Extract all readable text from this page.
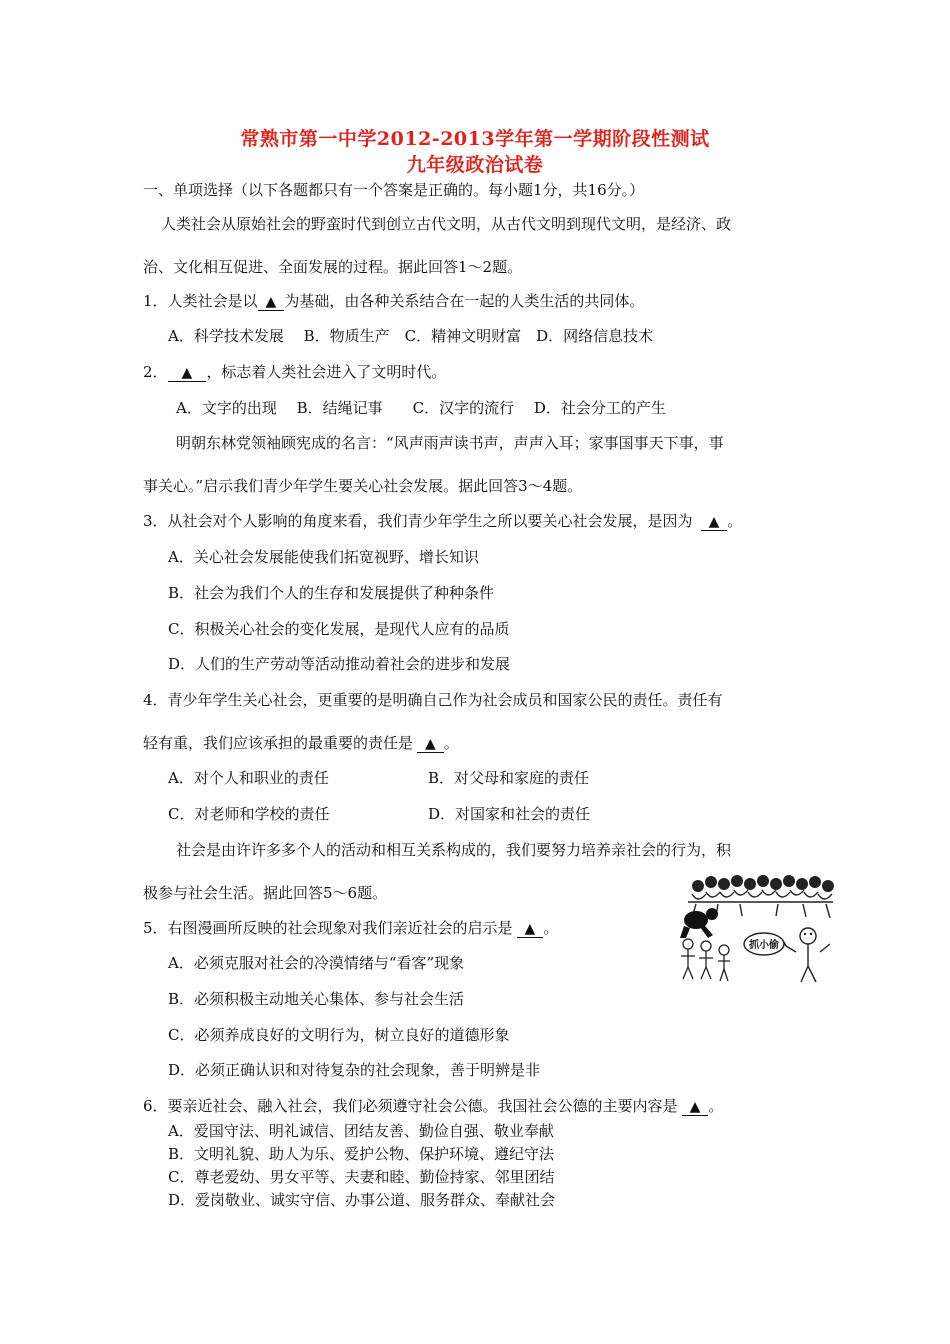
常熟市第一中学2012-2013学年第一学期阶段性测试
九年级政治试卷
一、单项选择（以下各题都只有一个答案是正确的。每小题1分，共16分。）
人类社会从原始社会的野蛮时代到创立古代文明，从古代文明到现代文明，是经济、政
治、文化相互促进、全面发展的过程。据此回答1～2题。
1．人类社会是以 ▲ 为基础，由各种关系结合在一起的人类生活的共同体。
A．科学技术发展　 B．物质生产　C．精神文明财富　D．网络信息技术
2． ▲ ，标志着人类社会进入了文明时代。
A．文字的出现　 B．结绳记事　　C．汉字的流行　 D．社会分工的产生
明朝东林党领袖顾宪成的名言：“风声雨声读书声，声声入耳；家事国事天下事，事
事关心。”启示我们青少年学生要关心社会发展。据此回答3～4题。
3．从社会对个人影响的角度来看，我们青少年学生之所以要关心社会发展，是因为 ▲ 。
A．关心社会发展能使我们拓宽视野、增长知识
B．社会为我们个人的生存和发展提供了种种条件
C．积极关心社会的变化发展，是现代人应有的品质
D．人们的生产劳动等活动推动着社会的进步和发展
4．青少年学生关心社会，更重要的是明确自己作为社会成员和国家公民的责任。责任有
轻有重，我们应该承担的最重要的责任是 ▲ 。
A．对个人和职业的责任	B．对父母和家庭的责任
C．对老师和学校的责任	D．对国家和社会的责任
社会是由许许多多个人的活动和相互关系构成的，我们要努力培养亲社会的行为，积
极参与社会生活。据此回答5～6题。
5．右图漫画所反映的社会现象对我们亲近社会的启示是 ▲ 。
A．必须克服对社会的冷漠情绪与“看客”现象
B．必须积极主动地关心集体、参与社会生活
C．必须养成良好的文明行为，树立良好的道德形象
D．必须正确认识和对待复杂的社会现象，善于明辨是非
抓小偷
6．要亲近社会、融入社会，我们必须遵守社会公德。我国社会公德的主要内容是 ▲ 。
A．爱国守法、明礼诚信、团结友善、勤俭自强、敬业奉献
B．文明礼貌、助人为乐、爱护公物、保护环境、遵纪守法
C．尊老爱幼、男女平等、夫妻和睦、勤俭持家、邻里团结
D．爱岗敬业、诚实守信、办事公道、服务群众、奉献社会
